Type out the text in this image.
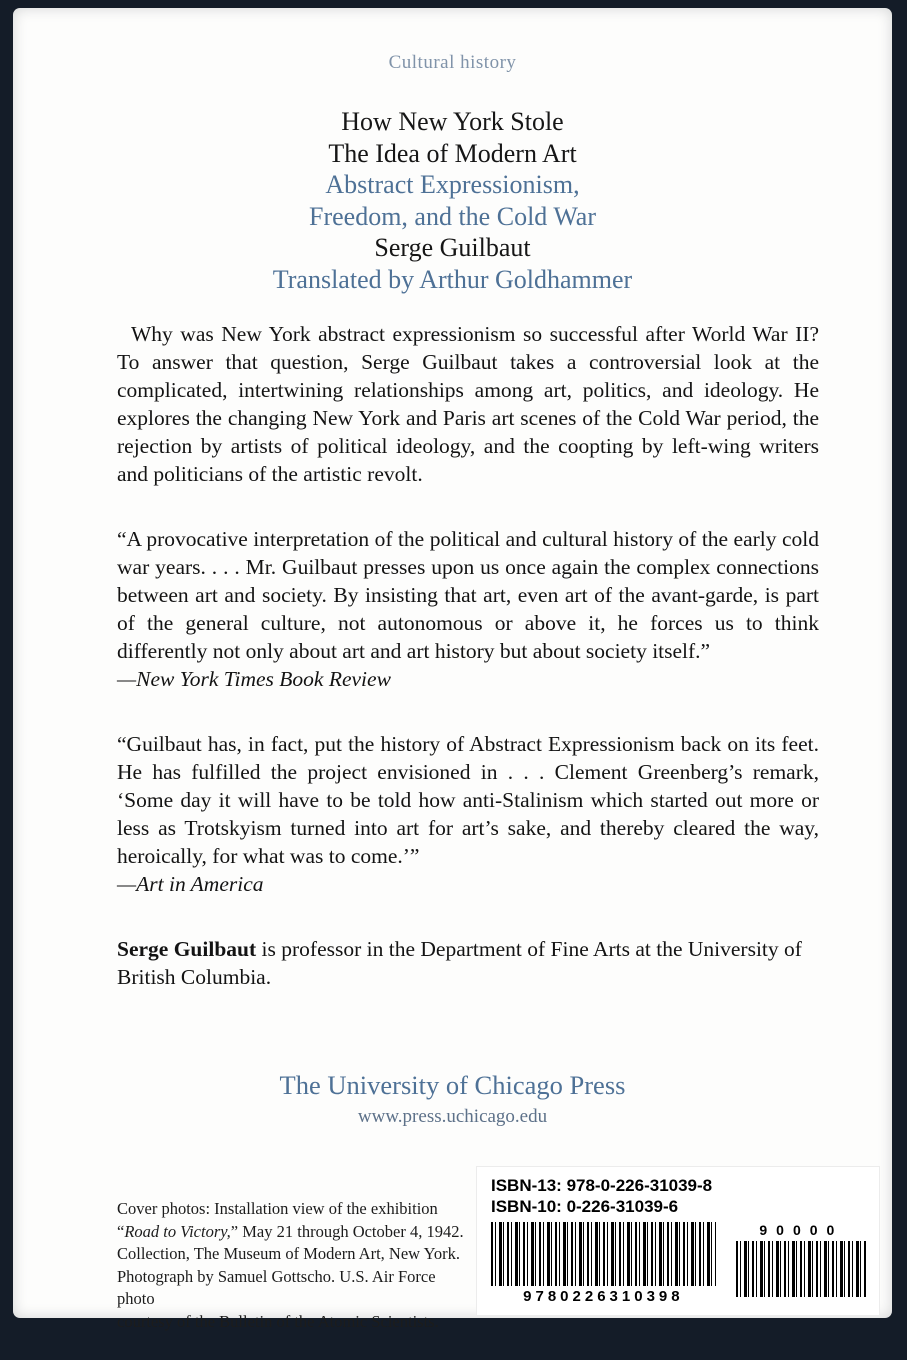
Cultural history
How New York Stole
The Idea of Modern Art
Abstract Expressionism,
Freedom, and the Cold War
Serge Guilbaut
Translated by Arthur Goldhammer

Why was New York abstract expressionism so successful after World War II? To answer that question, Serge Guilbaut takes a controversial look at the complicated, intertwining relationships among art, politics, and ideology. He explores the changing New York and Paris art scenes of the Cold War period, the rejection by artists of political ideology, and the coopting by left-wing writers and politicians of the artistic revolt.

“A provocative interpretation of the political and cultural history of the early cold war years. . . . Mr. Guilbaut presses upon us once again the complex connections between art and society. By insisting that art, even art of the avant-garde, is part of the general culture, not autonomous or above it, he forces us to think differently not only about art and art history but about society itself.”

—New York Times Book Review

“Guilbaut has, in fact, put the history of Abstract Expressionism back on its feet. He has fulfilled the project envisioned in . . . Clement Greenberg’s remark, ‘Some day it will have to be told how anti-Stalinism which started out more or less as Trotskyism turned into art for art’s sake, and thereby cleared the way, heroically, for what was to come.’”

—Art in America

Serge Guilbaut is professor in the Department of Fine Arts at the University of British Columbia.

The University of Chicago Press
www.press.uchicago.edu
Cover photos: Installation view of the exhibition
“Road to Victory,” May 21 through October 4, 1942.
Collection, The Museum of Modern Art, New York.
Photograph by Samuel Gottscho. U.S. Air Force photo
courtesy of the Bulletin of the Atomic Scientists.
ISBN-13: 978-0-226-31039-8
ISBN-10: 0-226-31039-6
9780226310398
90000
